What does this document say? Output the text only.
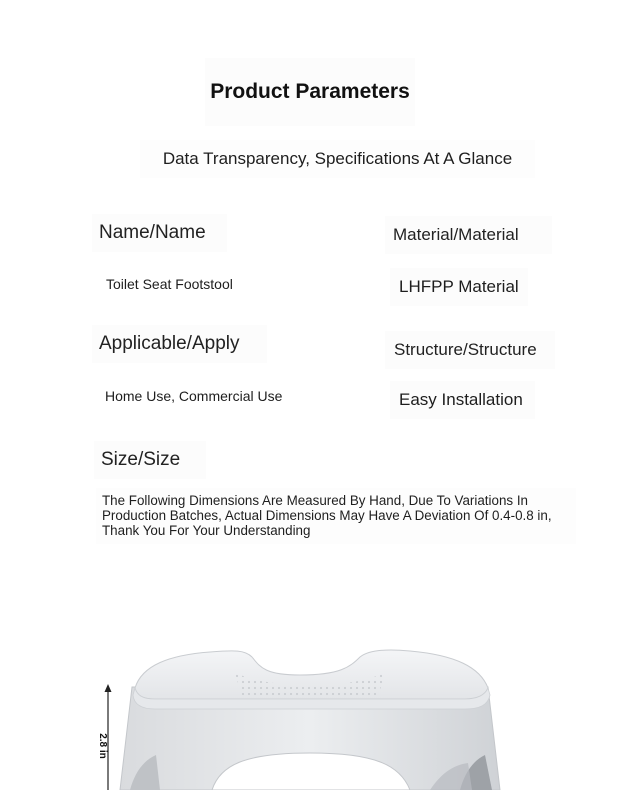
Product Parameters
Data Transparency, Specifications At A Glance
Name/Name	Material/Material
Toilet Seat Footstool	LHFPP Material
Applicable/Apply	Structure/Structure
Home Use, Commercial Use	Easy Installation
Size/Size
The Following Dimensions Are Measured By Hand, Due To Variations In Production Batches, Actual Dimensions May Have A Deviation Of 0.4-0.8 in, Thank You For Your Understanding
2.8 in
